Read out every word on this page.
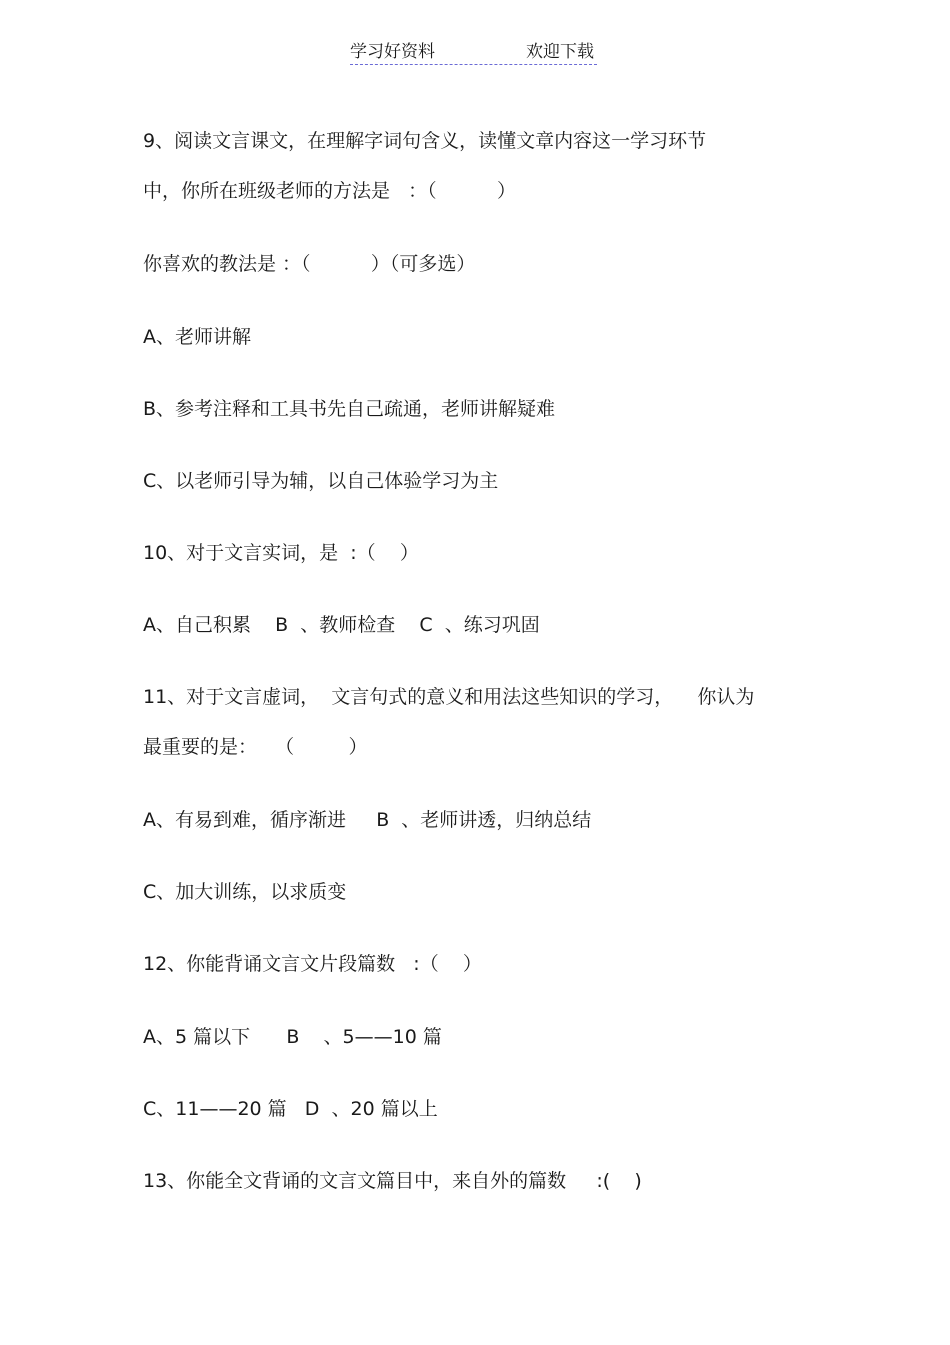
学习好资料	欢迎下载
9、阅读文言课文，在理解字词句含义，读懂文章内容这一学习环节
中，你所在班级老师的方法是   ：（          ）
你喜欢的教法是 ：（          ）（可多选）
A、老师讲解
B、参考注释和工具书先自己疏通，老师讲解疑难
C、以老师引导为辅，以自己体验学习为主
10、对于文言实词，是  :（    ）
A、自己积累    B  、教师检查    C  、练习巩固
11、对于文言虚词，  文言句式的意义和用法这些知识的学习，    你认为
最重要的是：   （         ）
A、有易到难，循序渐进     B  、老师讲透，归纳总结
C、加大训练，以求质变
12、你能背诵文言文片段篇数   :（    ）
A、5 篇以下      B    、5——10 篇
C、11——20 篇   D  、20 篇以上
13、你能全文背诵的文言文篇目中，来自外的篇数     :(    )
